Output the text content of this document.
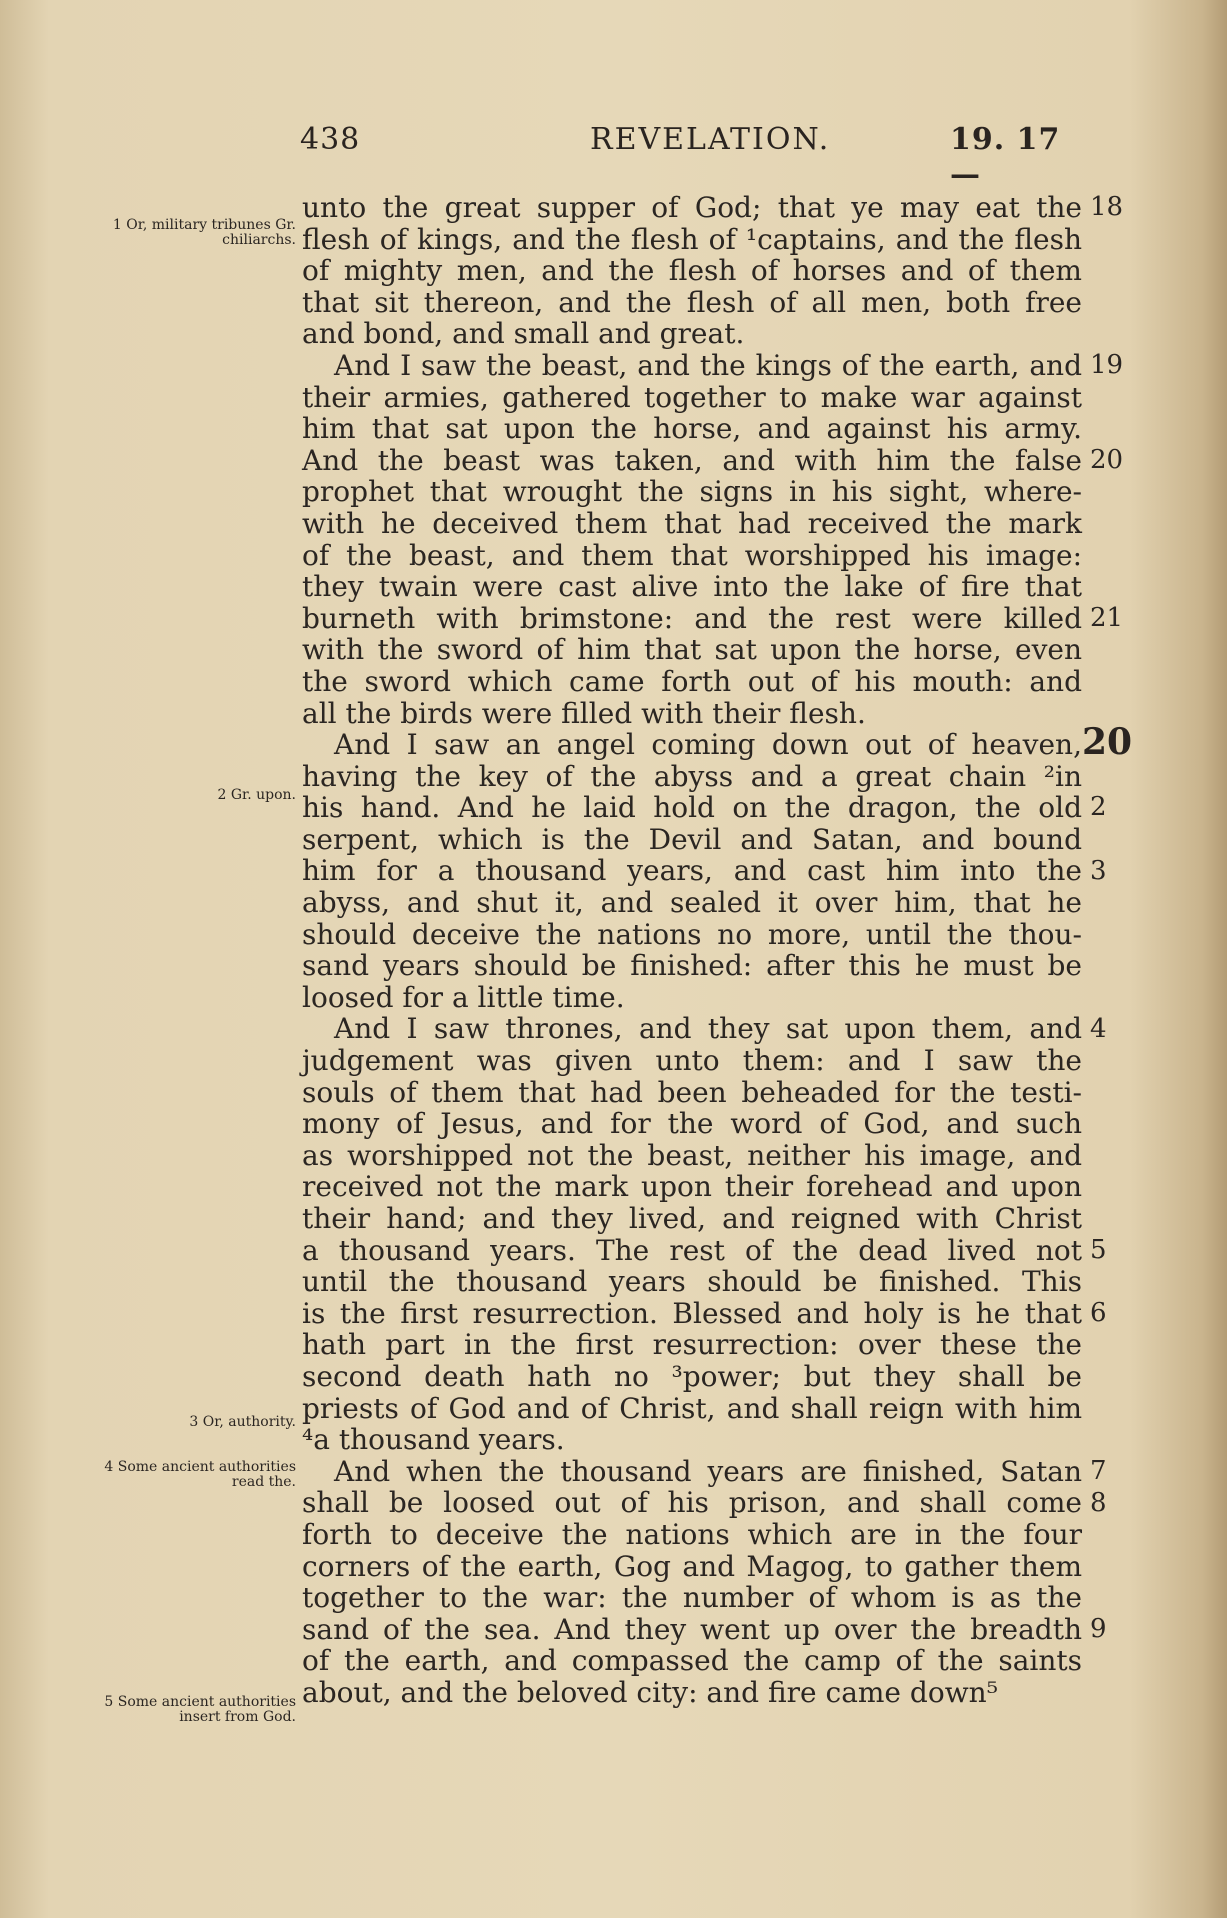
438	REVELATION.	19. 17—
1 Or, military tribunes Gr. chiliarchs.
2 Gr. upon.
3 Or, authority.
4 Some ancient authorities read the.
5 Some ancient authorities insert from God.
unto the great supper of God; that ye may eat the
flesh of kings, and the flesh of ¹captains, and the flesh
of mighty men, and the flesh of horses and of them
that sit thereon, and the flesh of all men, both free
and bond, and small and great.
And I saw the beast, and the kings of the earth, and
their armies, gathered together to make war against
him that sat upon the horse, and against his army.
And the beast was taken, and with him the false
prophet that wrought the signs in his sight, where-
with he deceived them that had received the mark
of the beast, and them that worshipped his image:
they twain were cast alive into the lake of fire that
burneth with brimstone: and the rest were killed
with the sword of him that sat upon the horse, even
the sword which came forth out of his mouth: and
all the birds were filled with their flesh.
And I saw an angel coming down out of heaven,
having the key of the abyss and a great chain ²in
his hand. And he laid hold on the dragon, the old
serpent, which is the Devil and Satan, and bound
him for a thousand years, and cast him into the
abyss, and shut it, and sealed it over him, that he
should deceive the nations no more, until the thou-
sand years should be finished: after this he must be
loosed for a little time.
And I saw thrones, and they sat upon them, and
judgement was given unto them: and I saw the
souls of them that had been beheaded for the testi-
mony of Jesus, and for the word of God, and such
as worshipped not the beast, neither his image, and
received not the mark upon their forehead and upon
their hand; and they lived, and reigned with Christ
a thousand years. The rest of the dead lived not
until the thousand years should be finished. This
is the first resurrection. Blessed and holy is he that
hath part in the first resurrection: over these the
second death hath no ³power; but they shall be
priests of God and of Christ, and shall reign with him
⁴a thousand years.
And when the thousand years are finished, Satan
shall be loosed out of his prison, and shall come
forth to deceive the nations which are in the four
corners of the earth, Gog and Magog, to gather them
together to the war: the number of whom is as the
sand of the sea. And they went up over the breadth
of the earth, and compassed the camp of the saints
about, and the beloved city: and fire came down⁵
18
19
20
21
2
3
4
5
6
7
8
9
20
